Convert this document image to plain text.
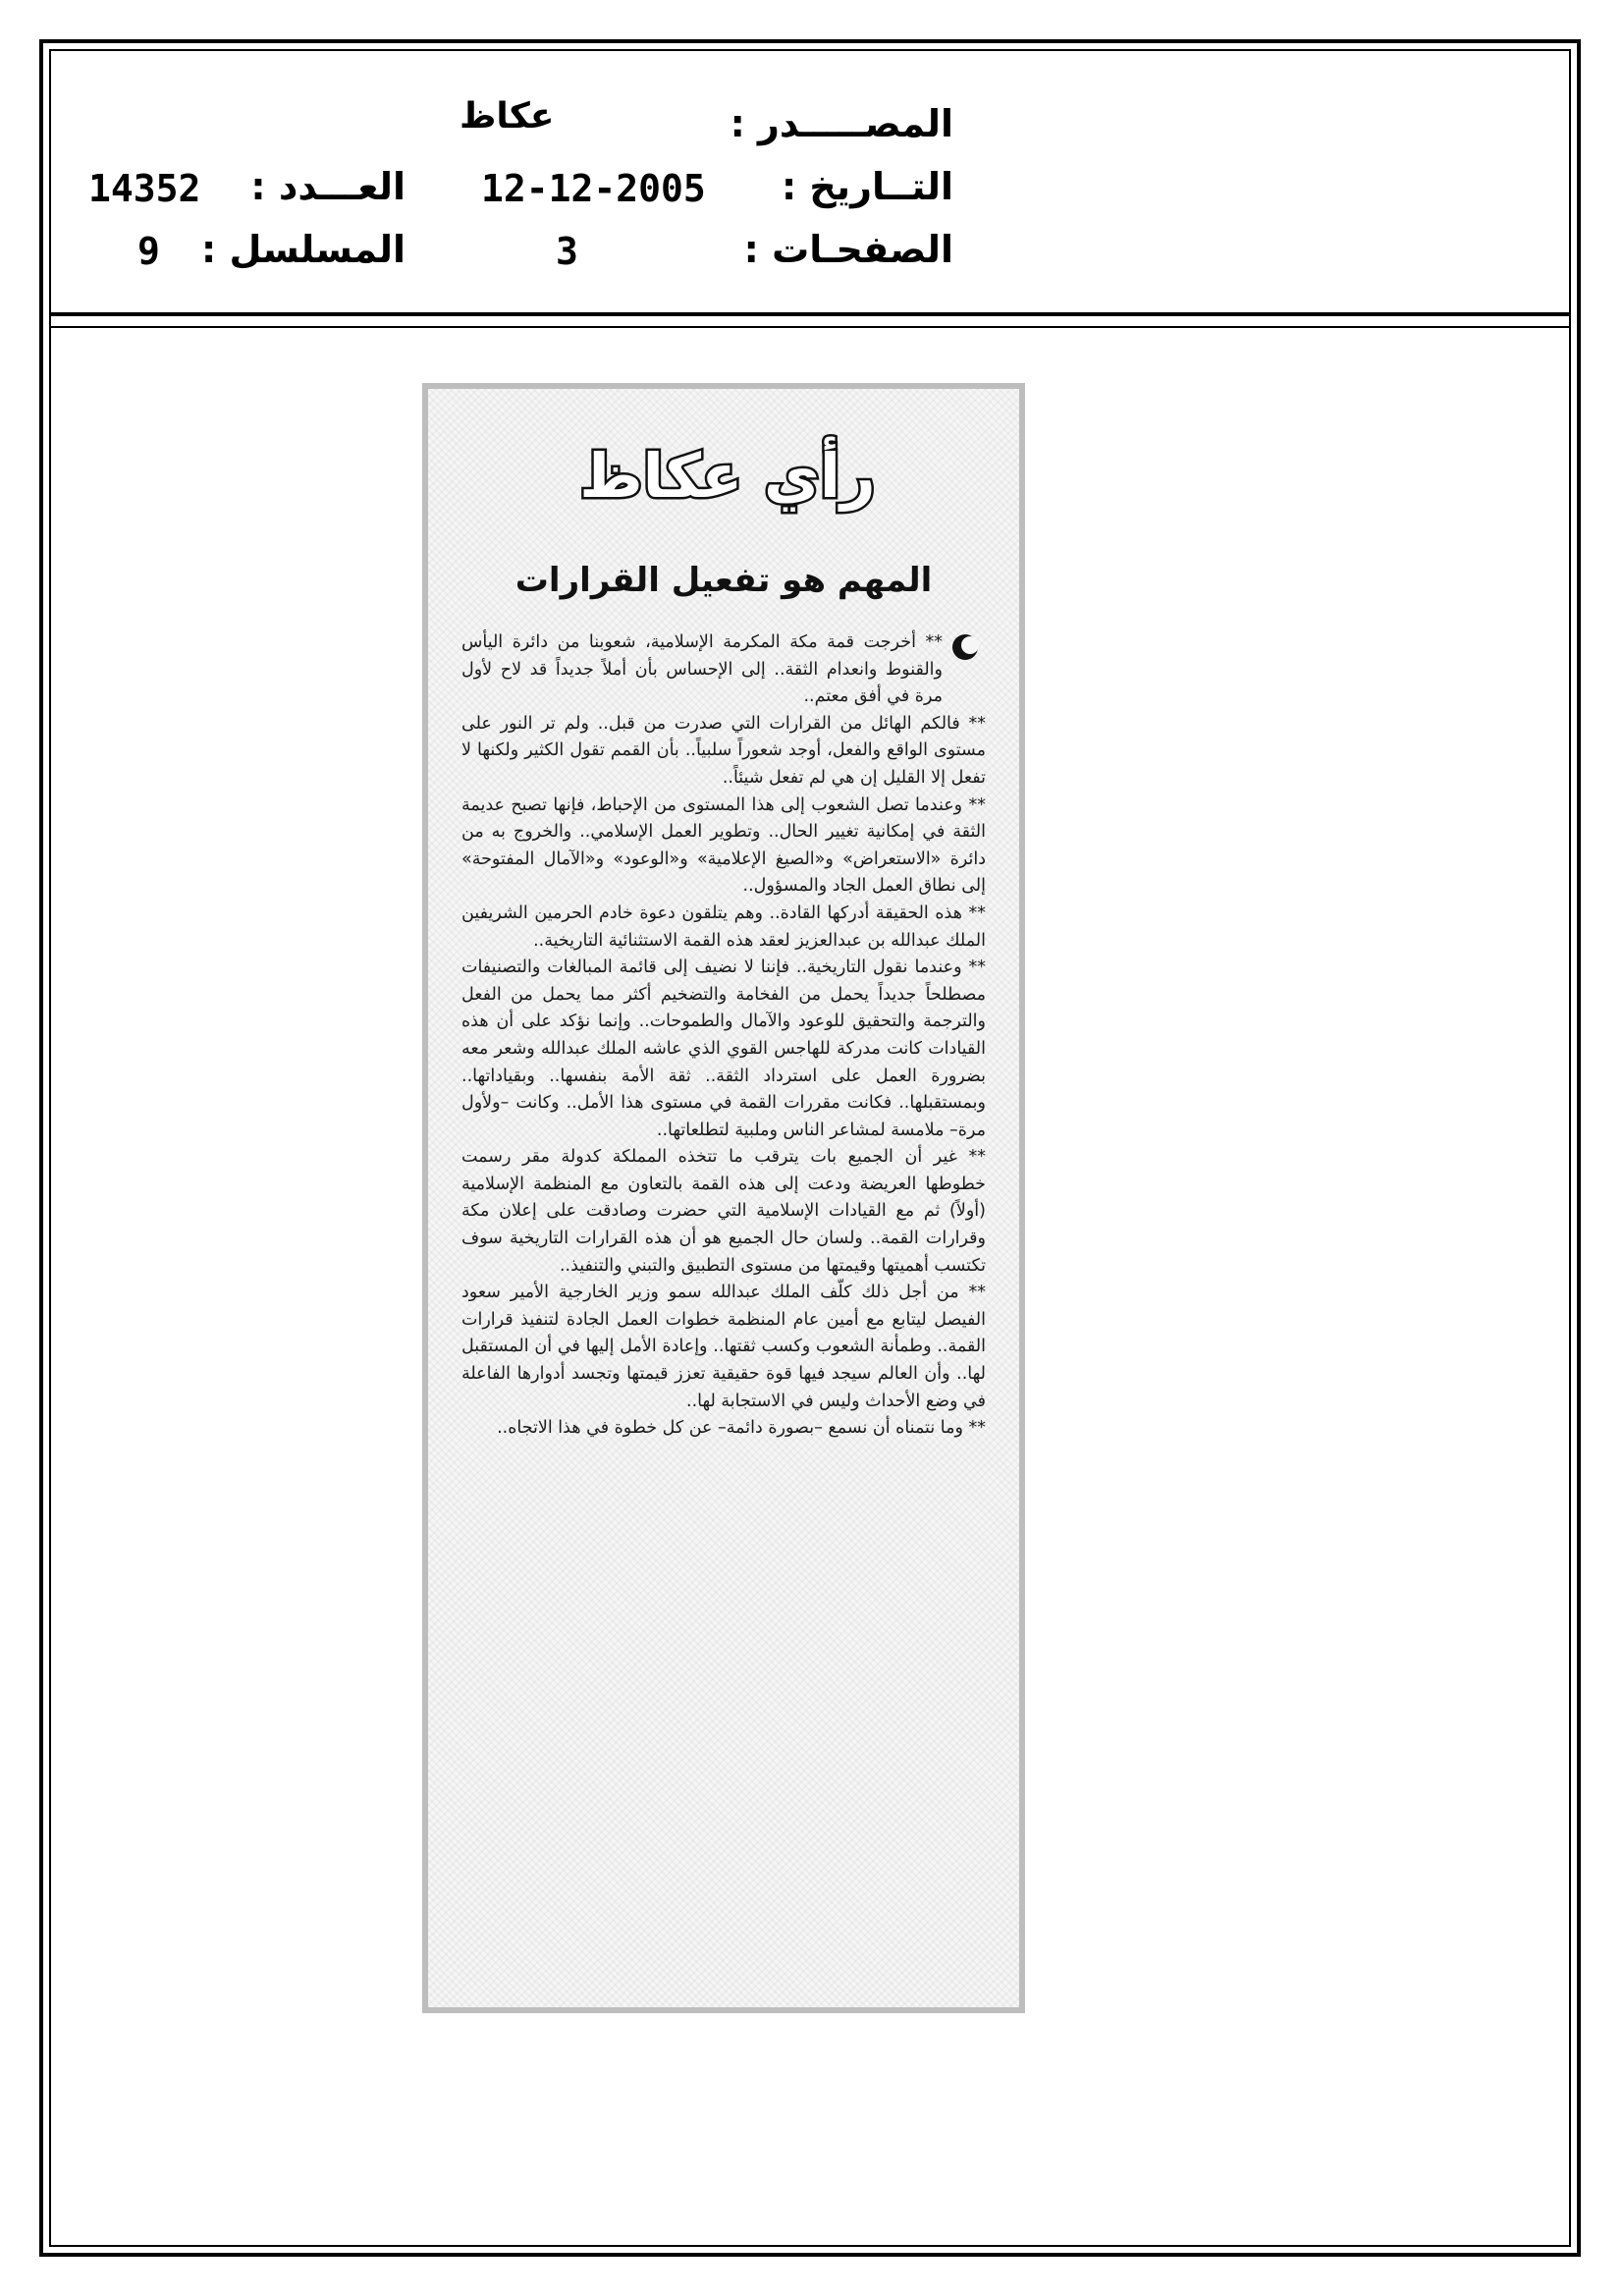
المصـــــدر :
عكاظ
التــاريخ :
12-12-2005
العـــدد :
14352
الصفحـات :
3
المسلسل :
9
رأي عكاظ
المهم هو تفعيل القرارات

** أخرجت قمة مكة المكرمة الإسلامية، شعوبنا من دائرة اليأس والقنوط وانعدام الثقة.. إلى الإحساس بأن أملاً جديداً قد لاح لأول مرة في أفق معتم..

** فالكم الهائل من القرارات التي صدرت من قبل.. ولم تر النور على مستوى الواقع والفعل، أوجد شعوراً سلبياً.. بأن القمم تقول الكثير ولكنها لا تفعل إلا القليل إن هي لم تفعل شيئاً..

** وعندما تصل الشعوب إلى هذا المستوى من الإحباط، فإنها تصبح عديمة الثقة في إمكانية تغيير الحال.. وتطوير العمل الإسلامي.. والخروج به من دائرة «الاستعراض» و«الصيغ الإعلامية» و«الوعود» و«الآمال المفتوحة» إلى نطاق العمل الجاد والمسؤول..

** هذه الحقيقة أدركها القادة.. وهم يتلقون دعوة خادم الحرمين الشريفين الملك عبدالله بن عبدالعزيز لعقد هذه القمة الاستثنائية التاريخية..

** وعندما نقول التاريخية.. فإننا لا نضيف إلى قائمة المبالغات والتصنيفات مصطلحاً جديداً يحمل من الفخامة والتضخيم أكثر مما يحمل من الفعل والترجمة والتحقيق للوعود والآمال والطموحات.. وإنما نؤكد على أن هذه القيادات كانت مدركة للهاجس القوي الذي عاشه الملك عبدالله وشعر معه بضرورة العمل على استرداد الثقة.. ثقة الأمة بنفسها.. وبقياداتها.. وبمستقبلها.. فكانت مقررات القمة في مستوى هذا الأمل.. وكانت –ولأول مرة– ملامسة لمشاعر الناس وملبية لتطلعاتها..

** غير أن الجميع بات يترقب ما تتخذه المملكة كدولة مقر رسمت خطوطها العريضة ودعت إلى هذه القمة بالتعاون مع المنظمة الإسلامية (أولاً) ثم مع القيادات الإسلامية التي حضرت وصادقت على إعلان مكة وقرارات القمة.. ولسان حال الجميع هو أن هذه القرارات التاريخية سوف تكتسب أهميتها وقيمتها من مستوى التطبيق والتبني والتنفيذ..

** من أجل ذلك كلّف الملك عبدالله سمو وزير الخارجية الأمير سعود الفيصل ليتابع مع أمين عام المنظمة خطوات العمل الجادة لتنفيذ قرارات القمة.. وطمأنة الشعوب وكسب ثقتها.. وإعادة الأمل إليها في أن المستقبل لها.. وأن العالم سيجد فيها قوة حقيقية تعزز قيمتها وتجسد أدوارها الفاعلة في وضع الأحداث وليس في الاستجابة لها..

** وما نتمناه أن نسمع –بصورة دائمة– عن كل خطوة في هذا الاتجاه..
